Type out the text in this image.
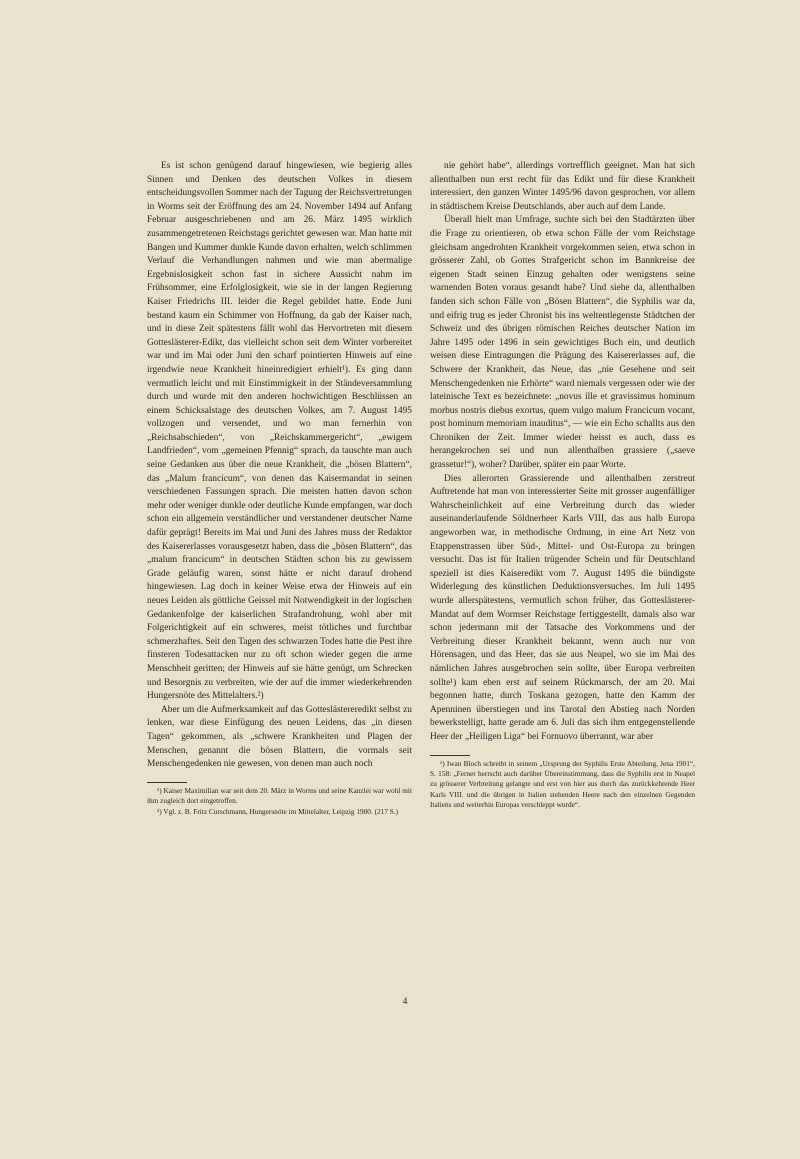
Es ist schon genügend darauf hingewiesen, wie begierig alles Sinnen und Denken des deutschen Volkes in diesem entscheidungsvollen Sommer nach der Tagung der Reichsvertretungen in Worms seit der Eröffnung des am 24. November 1494 auf Anfang Februar ausgeschriebenen und am 26. März 1495 wirklich zusammengetretenen Reichstags gerichtet gewesen war. Man hatte mit Bangen und Kummer dunkle Kunde davon erhalten, welch schlimmen Verlauf die Verhandlungen nahmen und wie man abermalige Ergebnislosigkeit schon fast in sichere Aussicht nahm im Frühsommer, eine Erfolglosigkeit, wie sie in der langen Regierung Kaiser Friedrichs III. leider die Regel gebildet hatte. Ende Juni bestand kaum ein Schimmer von Hoffnung, da gab der Kaiser nach, und in diese Zeit spätestens fällt wohl das Hervortreten mit diesem Gotteslästerer-Edikt, das vielleicht schon seit dem Winter vorbereitet war und im Mai oder Juni den scharf pointierten Hinweis auf eine irgendwie neue Krankheit hineinredigiert erhielt¹). Es ging dann vermutlich leicht und mit Einstimmigkeit in der Ständeversammlung durch und wurde mit den anderen hochwichtigen Beschlüssen an einem Schicksalstage des deutschen Volkes, am 7. August 1495 vollzogen und versendet, und wo man fernerhin von „Reichsabschieden“, von „Reichskammergericht“, „ewigem Landfrieden“, vom „gemeinen Pfennig“ sprach, da tauschte man auch seine Gedanken aus über die neue Krankheit, die „bösen Blattern“, das „Malum francicum“, von denen das Kaisermandat in seinen verschiedenen Fassungen sprach. Die meisten hatten davon schon mehr oder weniger dunkle oder deutliche Kunde empfangen, war doch schon ein allgemein verständlicher und verstandener deutscher Name dafür geprägt! Bereits im Mai und Juni des Jahres muss der Redaktor des Kaisererlasses vorausgesetzt haben, dass die „bösen Blattern“, das „malum francicum“ in deutschen Städten schon bis zu gewissem Grade geläufig waren, sonst hätte er nicht darauf drohend hingewiesen. Lag doch in keiner Weise etwa der Hinweis auf ein neues Leiden als göttliche Geissel mit Notwendigkeit in der logischen Gedankenfolge der kaiserlichen Strafandrohung, wohl aber mit Folgerichtigkeit auf ein schweres, meist tötliches und furchtbar schmerzhaftes. Seit den Tagen des schwarzen Todes hatte die Pest ihre finsteren Todesattacken nur zu oft schon wieder gegen die arme Menschheit geritten; der Hinweis auf sie hätte genügt, um Schrecken und Besorgnis zu verbreiten, wie der auf die immer wiederkehrenden Hungersnöte des Mittelalters.²)

Aber um die Aufmerksamkeit auf das Gotteslästereredikt selbst zu lenken, war diese Einfügung des neuen Leidens, das „in diesen Tagen“ gekommen, als „schwere Krankheiten und Plagen der Menschen, genannt die bösen Blattern, die vormals seit Menschengedenken nie gewesen, von denen man auch noch

¹) Kaiser Maximilian war seit dem 20. März in Worms und seine Kanzlei war wohl mit ihm zugleich dort eingetroffen.

²) Vgl. z. B. Fritz Curschmann, Hungersnöte im Mittelalter, Leipzig 1900. (217 S.)

nie gehört habe“, allerdings vortrefflich geeignet. Man hat sich allenthalben nun erst recht für das Edikt und für diese Krankheit interessiert, den ganzen Winter 1495/96 davon gesprochen, vor allem in städtischem Kreise Deutschlands, aber auch auf dem Lande.

Überall hielt man Umfrage, suchte sich bei den Stadtärzten über die Frage zu orientieren, ob etwa schon Fälle der vom Reichstage gleichsam angedrohten Krankheit vorgekommen seien, etwa schon in grösserer Zahl, ob Gottes Strafgericht schon im Bannkreise der eigenen Stadt seinen Einzug gehalten oder wenigstens seine warnenden Boten voraus gesandt habe? Und siehe da, allenthalben fanden sich schon Fälle von „Bösen Blattern“, die Syphilis war da, und eifrig trug es jeder Chronist bis ins weltentlegenste Städtchen der Schweiz und des übrigen römischen Reiches deutscher Nation im Jahre 1495 oder 1496 in sein gewichtiges Buch ein, und deutlich weisen diese Eintragungen die Prägung des Kaisererlasses auf, die Schwere der Krankheit, das Neue, das „nie Gesehene und seit Menschengedenken nie Erhörte“ ward niemals vergessen oder wie der lateinische Text es bezeichnete: „novus ille et gravissimus hominum morbus nostris diebus exortus, quem vulgo malum Francicum vocant, post hominum memoriam inauditus“, — wie ein Echo schallts aus den Chroniken der Zeit. Immer wieder heisst es auch, dass es herangekrochen sei und nun allenthalben grassiere („saeve grassetur!“), woher? Darüber, später ein paar Worte.

Dies allerorten Grassierende und allenthalben zerstreut Auftretende hat man von interessierter Seite mit grosser augenfälliger Wahrscheinlichkeit auf eine Verbreitung durch das wieder auseinanderlaufende Söldnerheer Karls VIII, das aus halb Europa angeworben war, in methodische Ordnung, in eine Art Netz von Etappenstrassen über Süd-, Mittel- und Ost-Europa zu bringen versucht. Das ist für Italien trügender Schein und für Deutschland speziell ist dies Kaiseredikt vom 7. August 1495 die bündigste Widerlegung des künstlichen Deduktionsversuches. Im Juli 1495 wurde allerspätestens, vermutlich schon früher, das Gotteslästerer-Mandat auf dem Wormser Reichstage fertiggestellt, damals also war schon jedermann mit der Tatsache des Vorkommens und der Verbreitung dieser Krankheit bekannt, wenn auch nur von Hörensagen, und das Heer, das sie aus Neapel, wo sie im Mai des nämlichen Jahres ausgebrochen sein sollte, über Europa verbreiten sollte¹) kam eben erst auf seinem Rückmarsch, der am 20. Mai begonnen hatte, durch Toskana gezogen, hatte den Kamm der Apenninen überstiegen und ins Tarotal den Abstieg nach Norden bewerkstelligt, hatte gerade am 6. Juli das sich ihm entgegenstellende Heer der „Heiligen Liga“ bei Fornuovo überrannt, war aber

¹) Iwan Bloch schreibt in seinem „Ursprung der Syphilis Erste Abteilung, Jena 1901“, S. 158: „Ferner herrscht auch darüber Übereinstimmung, dass die Syphilis erst in Neapel zu grösserer Verbreitung gelangte und erst von hier aus durch das zurückkehrende Heer Karls VIII. und die übrigen in Italien stehenden Heere nach den einzelnen Gegenden Italiens und weiterhin Europas verschleppt wurde“.

4
